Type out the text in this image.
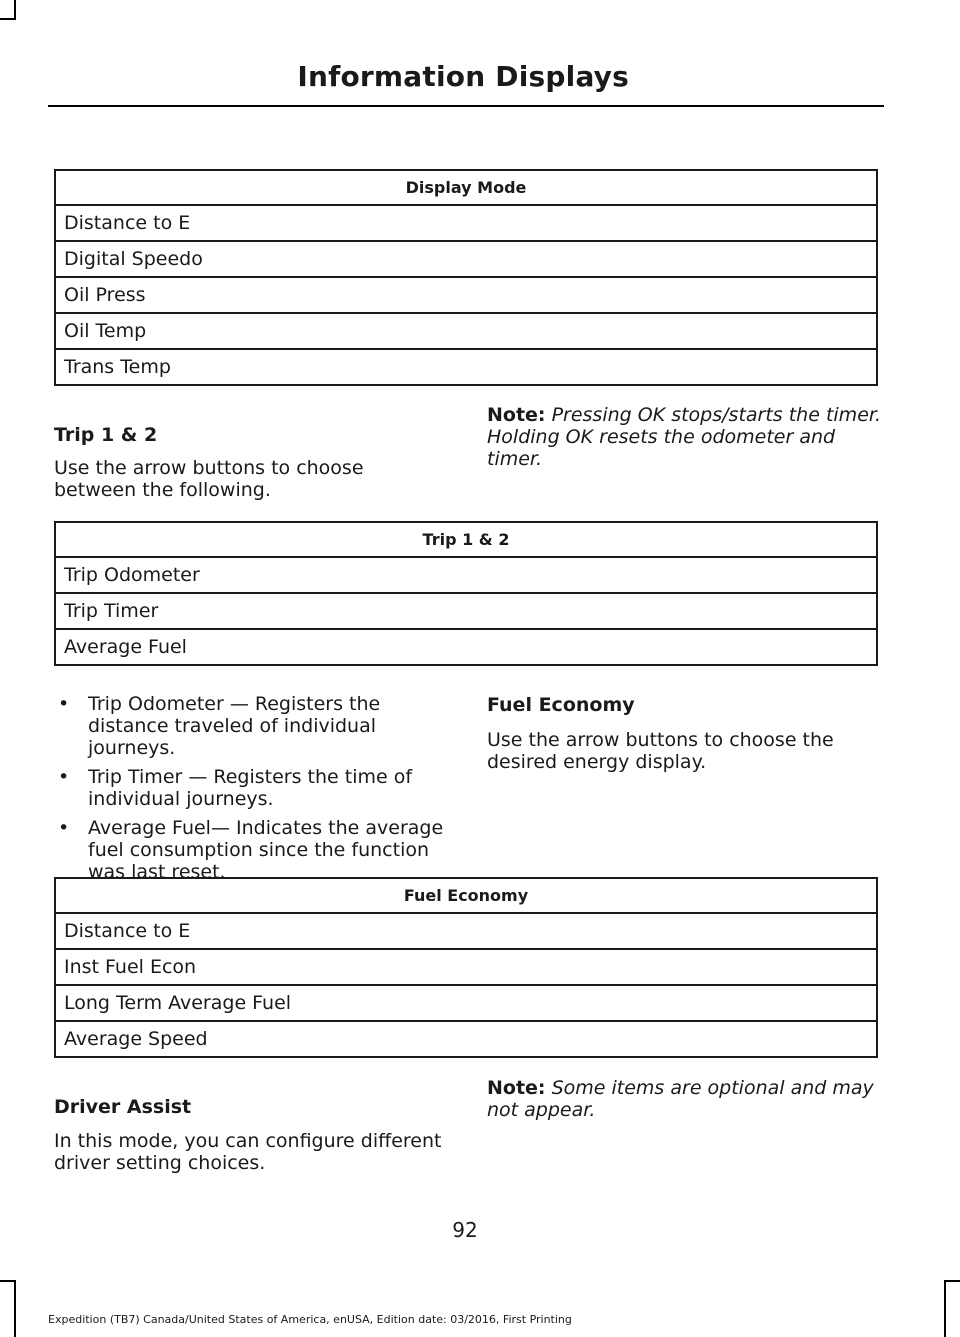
Information Displays
Display Mode
Distance to E
Digital Speedo
Oil Press
Oil Temp
Trans Temp
Trip 1 & 2
Use the arrow buttons to choose between the following.
Note: Pressing OK stops/starts the timer. Holding OK resets the odometer and timer.
Trip 1 & 2
Trip Odometer
Trip Timer
Average Fuel
• Trip Odometer — Registers the distance traveled of individual journeys.
• Trip Timer — Registers the time of individual journeys.
• Average Fuel— Indicates the average fuel consumption since the function was last reset.
Fuel Economy
Use the arrow buttons to choose the desired energy display.
Fuel Economy
Distance to E
Inst Fuel Econ
Long Term Average Fuel
Average Speed
Driver Assist
In this mode, you can configure different driver setting choices.
Note: Some items are optional and may not appear.
92
Expedition (TB7) Canada/United States of America, enUSA, Edition date: 03/2016, First Printing
